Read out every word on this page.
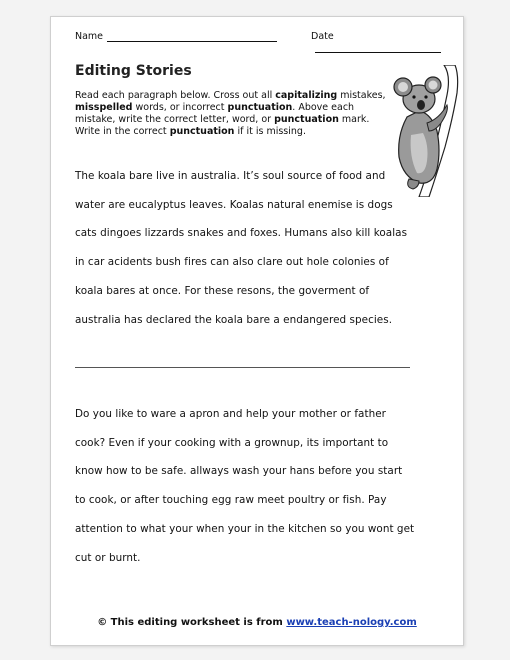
Name	Date
Editing Stories
Read each paragraph below. Cross out all capitalizing mistakes, misspelled words, or incorrect punctuation. Above each mistake, write the correct letter, word, or punctuation mark. Write in the correct punctuation if it is missing.
The koala bare live in australia. It’s soul source of food and water are eucalyptus leaves. Koalas natural enemise is dogs cats dingoes lizzards snakes and foxes. Humans also kill koalas in car acidents bush fires can also clare out hole colonies of koala bares at once. For these resons, the goverment of australia has declared the koala bare a endangered species.
Do you like to ware a apron and help your mother or father cook? Even if your cooking with a grownup, its important to know how to be safe. allways wash your hans before you start to cook, or after touching egg raw meet poultry or fish. Pay attention to what your when your in the kitchen so you wont get cut or burnt.
© This editing worksheet is from www.teach-nology.com
